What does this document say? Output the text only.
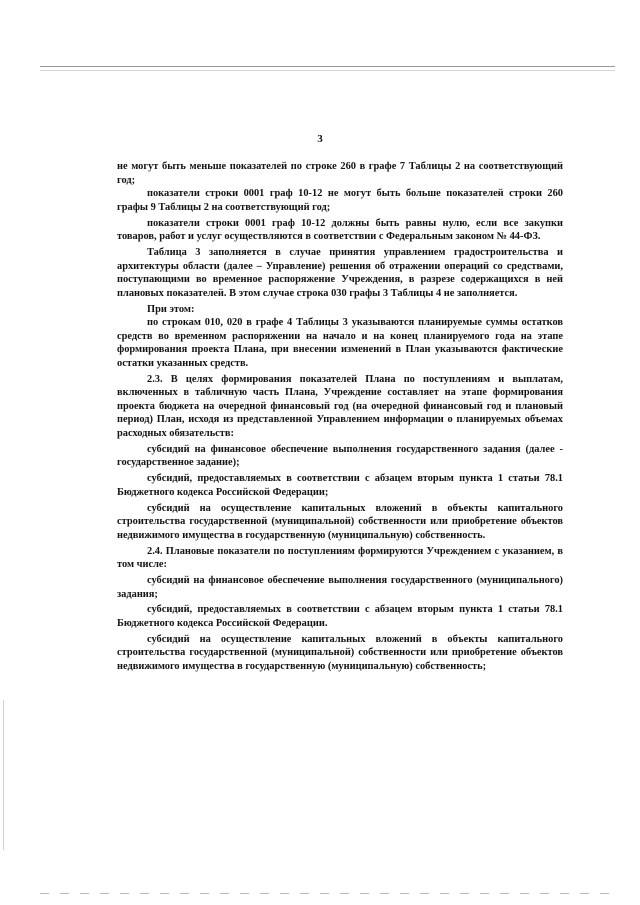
3

не могут быть меньше показателей по строке 260 в графе 7 Таблицы 2 на соответствующий год;

показатели строки 0001 граф 10-12 не могут быть больше показателей строки 260 графы 9 Таблицы 2 на соответствующий год;

показатели строки 0001 граф 10-12 должны быть равны нулю, если все закупки товаров, работ и услуг осуществляются в соответствии с Федеральным законом № 44-ФЗ.

Таблица 3 заполняется в случае принятия управлением градостроительства и архитектуры области (далее – Управление) решения об отражении операций со средствами, поступающими во временное распоряжение Учреждения, в разрезе содержащихся в ней плановых показателей. В этом случае строка 030 графы 3 Таблицы 4 не заполняется.

При этом:

по строкам 010, 020 в графе 4 Таблицы 3 указываются планируемые суммы остатков средств во временном распоряжении на начало и на конец планируемого года на этапе формирования проекта Плана, при внесении изменений в План указываются фактические остатки указанных средств.

2.3. В целях формирования показателей Плана по поступлениям и выплатам, включенных в табличную часть Плана, Учреждение составляет на этапе формирования проекта бюджета на очередной финансовый год (на очередной финансовый год и плановый период) План, исходя из представленной Управлением информации о планируемых объемах расходных обязательств:

субсидий на финансовое обеспечение выполнения государственного задания (далее - государственное задание);

субсидий, предоставляемых в соответствии с абзацем вторым пункта 1 статьи 78.1 Бюджетного кодекса Российской Федерации;

субсидий на осуществление капитальных вложений в объекты капитального строительства государственной (муниципальной) собственности или приобретение объектов недвижимого имущества в государственную (муниципальную) собственность.

2.4. Плановые показатели по поступлениям формируются Учреждением с указанием, в том числе:

субсидий на финансовое обеспечение выполнения государственного (муниципального) задания;

субсидий, предоставляемых в соответствии с абзацем вторым пункта 1 статьи 78.1 Бюджетного кодекса Российской Федерации.

субсидий на осуществление капитальных вложений в объекты капитального строительства государственной (муниципальной) собственности или приобретение объектов недвижимого имущества в государственную (муниципальную) собственность;
